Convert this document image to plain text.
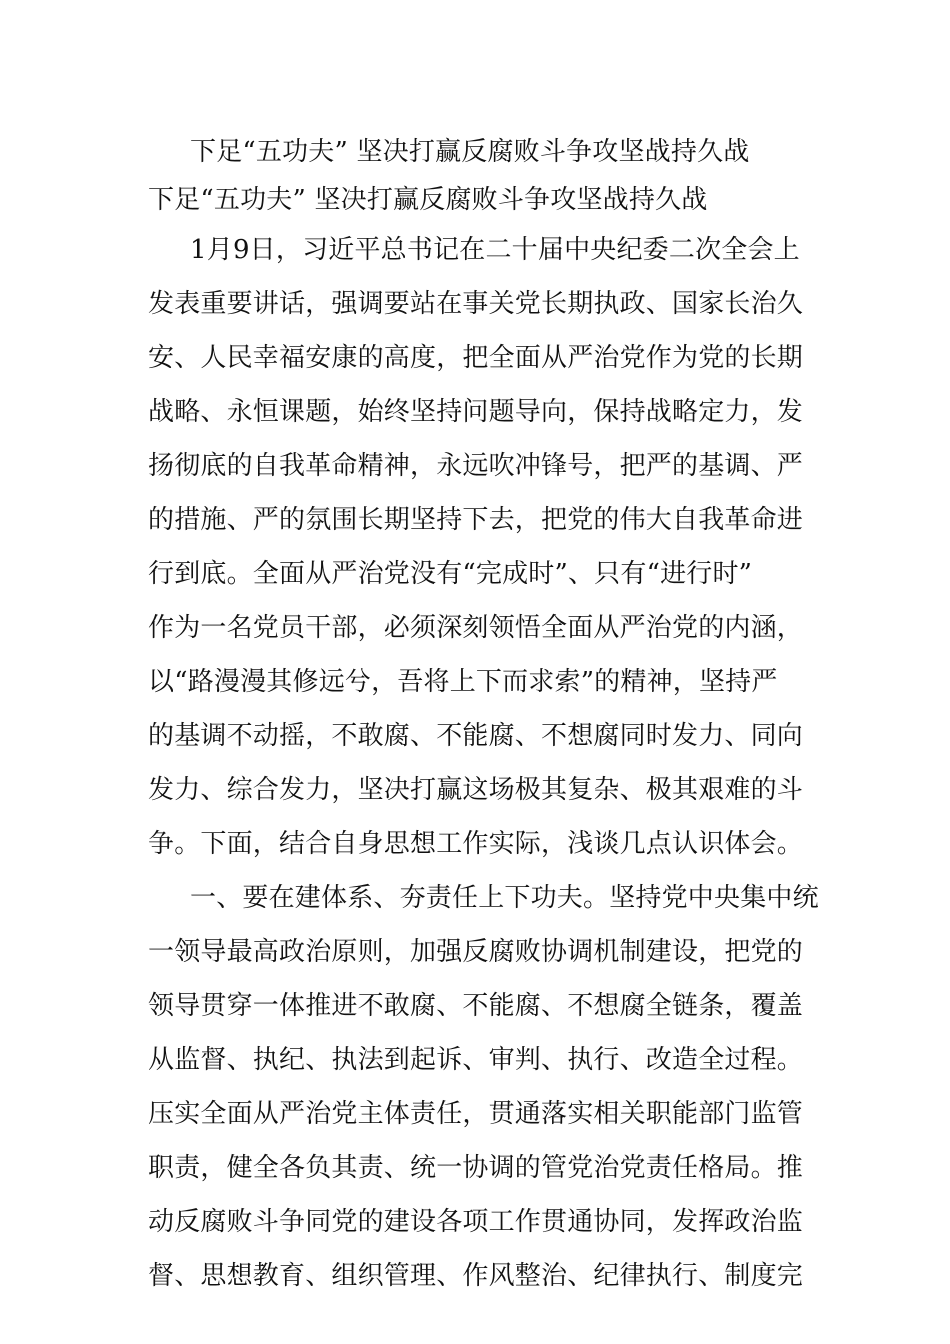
下足“五功夫” 坚决打赢反腐败斗争攻坚战持久战
下足“五功夫” 坚决打赢反腐败斗争攻坚战持久战
1月9日，习近平总书记在二十届中央纪委二次全会上
发表重要讲话，强调要站在事关党长期执政、国家长治久
安、人民幸福安康的高度，把全面从严治党作为党的长期
战略、永恒课题，始终坚持问题导向，保持战略定力，发
扬彻底的自我革命精神，永远吹冲锋号，把严的基调、严
的措施、严的氛围长期坚持下去，把党的伟大自我革命进
行到底。全面从严治党没有“完成时”、只有“进行时”
作为一名党员干部，必须深刻领悟全面从严治党的内涵，
以“路漫漫其修远兮，吾将上下而求索”的精神，坚持严
的基调不动摇，不敢腐、不能腐、不想腐同时发力、同向
发力、综合发力，坚决打赢这场极其复杂、极其艰难的斗
争。下面，结合自身思想工作实际，浅谈几点认识体会。
一、要在建体系、夯责任上下功夫。坚持党中央集中统
一领导最高政治原则，加强反腐败协调机制建设，把党的
领导贯穿一体推进不敢腐、不能腐、不想腐全链条，覆盖
从监督、执纪、执法到起诉、审判、执行、改造全过程。
压实全面从严治党主体责任，贯通落实相关职能部门监管
职责，健全各负其责、统一协调的管党治党责任格局。推
动反腐败斗争同党的建设各项工作贯通协同，发挥政治监
督、思想教育、组织管理、作风整治、纪律执行、制度完
